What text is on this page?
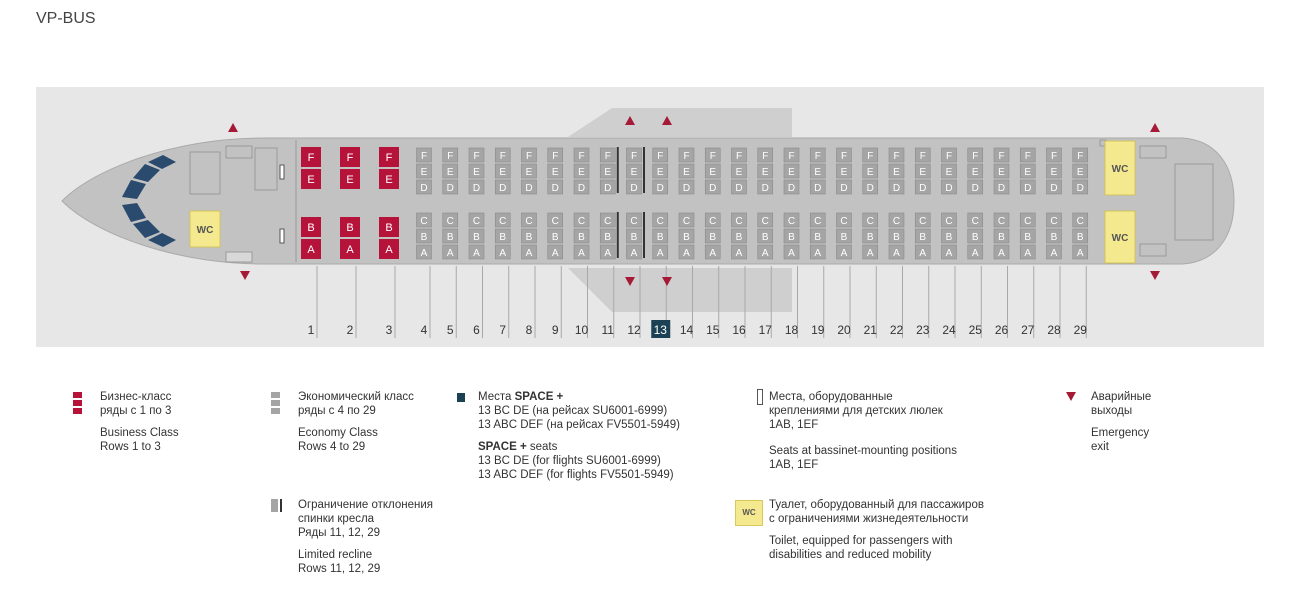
VP-BUS
F
E
B
A
F
E
B
A
F
E
B
A
F
E
D
C
B
A
F
E
D
C
B
A
F
E
D
C
B
A
F
E
D
C
B
A
F
E
D
C
B
A
F
E
D
C
B
A
F
E
D
C
B
A
F
E
D
C
B
A
F
E
D
C
B
A
F
E
D
C
B
A
F
E
D
C
B
A
F
E
D
C
B
A
F
E
D
C
B
A
F
E
D
C
B
A
F
E
D
C
B
A
F
E
D
C
B
A
F
E
D
C
B
A
F
E
D
C
B
A
F
E
D
C
B
A
F
E
D
C
B
A
F
E
D
C
B
A
F
E
D
C
B
A
F
E
D
C
B
A
F
E
D
C
B
A
F
E
D
C
B
A
F
E
D
C
B
A
1	2	3 4 5 6 7 8 9 10 11 12 13 14 15 16 17 18 19 20 21 22 23 24 25 26 27 28 29
WC
WC
WC

Бизнес-класс

ряды с 1 по 3

Business Class

Rows 1 to 3

Экономический класс

ряды с 4 по 29

Economy Class

Rows 4 to 29

Места SPACE +

13 BC DE (на рейсах SU6001-6999)

13 ABC DEF (на рейсах FV5501-5949)

SPACE + seats

13 BC DE (for flights SU6001-6999)

13 ABC DEF (for flights FV5501-5949)

Места, оборудованные

креплениями для детских люлек

1AB, 1EF

Seats at bassinet-mounting positions

1AB, 1EF

Аварийные

выходы

Emergency

exit

Ограничение отклонения

спинки кресла

Ряды 11, 12, 29

Limited recline

Rows 11, 12, 29

WC

Туалет, оборудованный для пассажиров

с ограничениями жизнедеятельности

Toilet, equipped for passengers with

disabilities and reduced mobility
